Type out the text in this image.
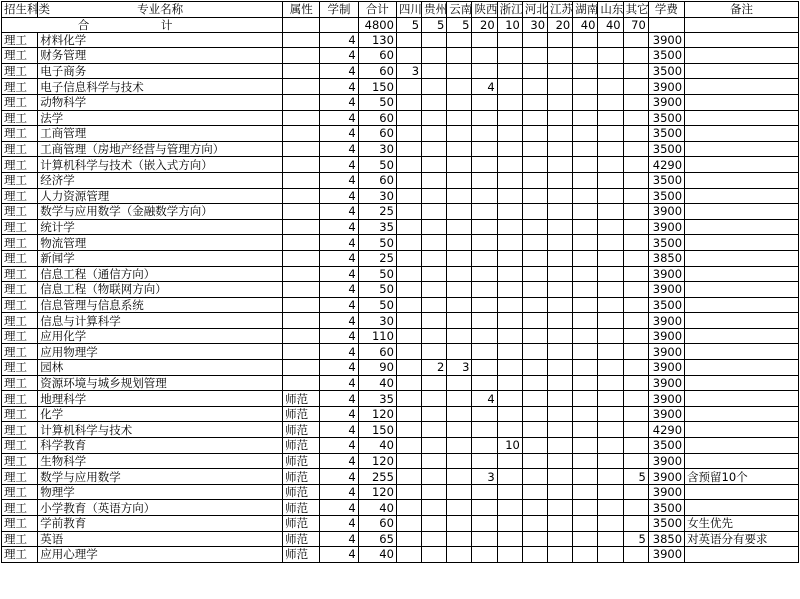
招生科类	专业名称	属性	学制	合计	四川	贵州	云南	陕西	浙江	河北	江苏	湖南	山东	其它	学费	备注
合 计				4800	5	5	5	20	10	30	20	40	40	70		
理工	材料化学		4	130											3900	
理工	财务管理		4	60											3500	
理工	电子商务		4	60	3										3500	
理工	电子信息科学与技术		4	150				4							3900	
理工	动物科学		4	50											3900	
理工	法学		4	60											3500	
理工	工商管理		4	60											3500	
理工	工商管理（房地产经营与管理方向）		4	30											3500	
理工	计算机科学与技术（嵌入式方向）		4	50											4290	
理工	经济学		4	60											3500	
理工	人力资源管理		4	30											3500	
理工	数学与应用数学（金融数学方向）		4	25											3900	
理工	统计学		4	35											3900	
理工	物流管理		4	50											3500	
理工	新闻学		4	25											3850	
理工	信息工程（通信方向）		4	50											3900	
理工	信息工程（物联网方向）		4	50											3900	
理工	信息管理与信息系统		4	50											3500	
理工	信息与计算科学		4	30											3900	
理工	应用化学		4	110											3900	
理工	应用物理学		4	60											3900	
理工	园林		4	90		2	3								3900	
理工	资源环境与城乡规划管理		4	40											3900	
理工	地理科学	师范	4	35				4							3900	
理工	化学	师范	4	120											3900	
理工	计算机科学与技术	师范	4	150											4290	
理工	科学教育	师范	4	40					10						3500	
理工	生物科学	师范	4	120											3900	
理工	数学与应用数学	师范	4	255				3						5	3900	含预留10个
理工	物理学	师范	4	120											3900	
理工	小学教育（英语方向）	师范	4	40											3500	
理工	学前教育	师范	4	60											3500	女生优先
理工	英语	师范	4	65										5	3850	对英语分有要求
理工	应用心理学	师范	4	40											3900	
